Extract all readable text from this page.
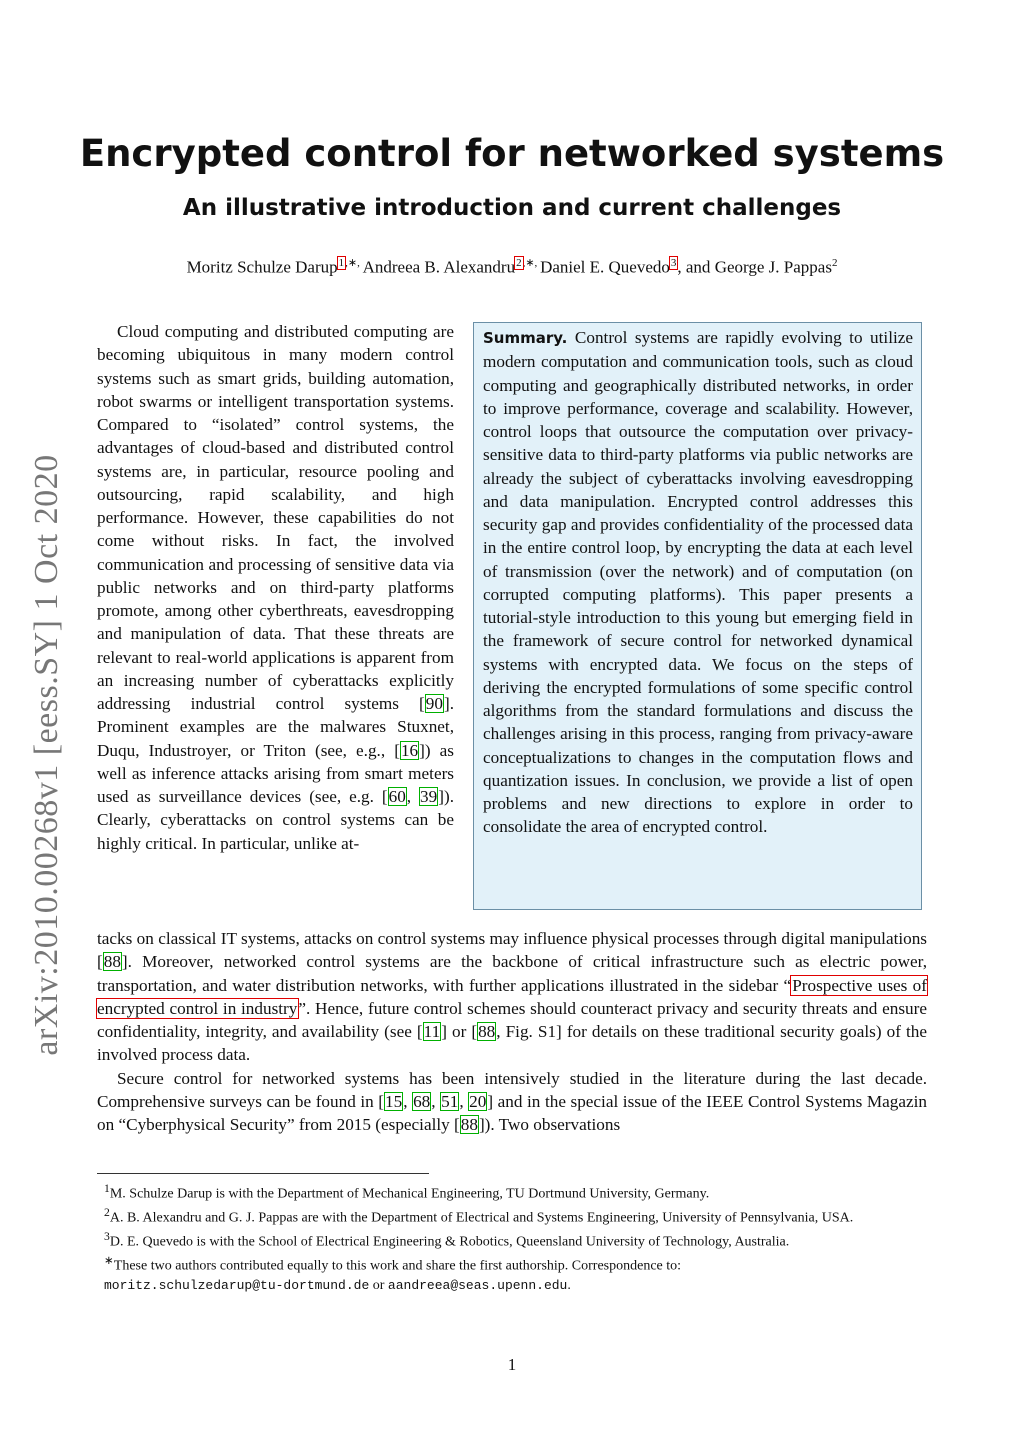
arXiv:2010.00268v1 [eess.SY] 1 Oct 2020
Encrypted control for networked systems
An illustrative introduction and current challenges
Moritz Schulze Darup$^{1,∗,}$ Andreea B. Alexandru$^{2,∗,}$ Daniel E. Quevedo$^3$, and George J. Pappas$^2$
Summary. Control systems are rapidly evolving to utilize modern computation and communication tools, such as cloud computing and geographically distributed networks, in order to improve performance, coverage and scalability. However, control loops that outsource the computation over privacy-sensitive data to third-party platforms via public networks are already the subject of cyberattacks involving eavesdropping and data manipulation. Encrypted control addresses this security gap and provides confidentiality of the processed data in the entire control loop, by encrypting the data at each level of transmission (over the network) and of computation (on corrupted computing platforms). This paper presents a tutorial-style introduction to this young but emerging field in the framework of secure control for networked dynamical systems with encrypted data. We focus on the steps of deriving the encrypted formulations of some specific control algorithms from the standard formulations and discuss the challenges arising in this process, ranging from privacy-aware conceptualizations to changes in the computation flows and quantization issues. In conclusion, we provide a list of open problems and new directions to explore in order to consolidate the area of encrypted control.

Cloud computing and distributed computing are becoming ubiquitous in many modern control systems such as smart grids, building automation, robot swarms or intelligent transportation systems. Compared to “isolated” control systems, the advantages of cloud-based and distributed control systems are, in particular, resource pooling and outsourcing, rapid scalability, and high performance. However, these capabilities do not come without risks. In fact, the involved communication and processing of sensitive data via public networks and on third-party platforms promote, among other cyberthreats, eavesdropping and manipulation of data. That these threats are relevant to real-world applications is apparent from an increasing number of cyberattacks explicitly addressing industrial control systems [90]. Prominent examples are the malwares Stuxnet, Duqu, Industroyer, or Triton (see, e.g., [16]) as well as inference attacks arising from smart meters used as surveillance devices (see, e.g. [60, 39]). Clearly, cyberattacks on control systems can be highly critical. In particular, unlike at-

tacks on classical IT systems, attacks on control systems may influence physical processes through digital manipulations [88]. Moreover, networked control systems are the backbone of critical infrastructure such as electric power, transportation, and water distribution networks, with further applications illustrated in the sidebar “Prospective uses of encrypted control in industry”. Hence, future control schemes should counteract privacy and security threats and ensure confidentiality, integrity, and availability (see [11] or [88, Fig. S1] for details on these traditional security goals) of the involved process data.

Secure control for networked systems has been intensively studied in the literature during the last decade. Comprehensive surveys can be found in [15, 68, 51, 20] and in the special issue of the IEEE Control Systems Magazin on “Cyberphysical Security” from 2015 (especially [88]). Two observations

$^1$M. Schulze Darup is with the Department of Mechanical Engineering, TU Dortmund University, Germany.
$^2$A. B. Alexandru and G. J. Pappas are with the Department of Electrical and Systems Engineering, University of Pennsylvania, USA.
$^3$D. E. Quevedo is with the School of Electrical Engineering & Robotics, Queensland University of Technology, Australia.
∗These two authors contributed equally to this work and share the first authorship. Correspondence to:
moritz.schulzedarup@tu-dortmund.de or aandreea@seas.upenn.edu.
1
